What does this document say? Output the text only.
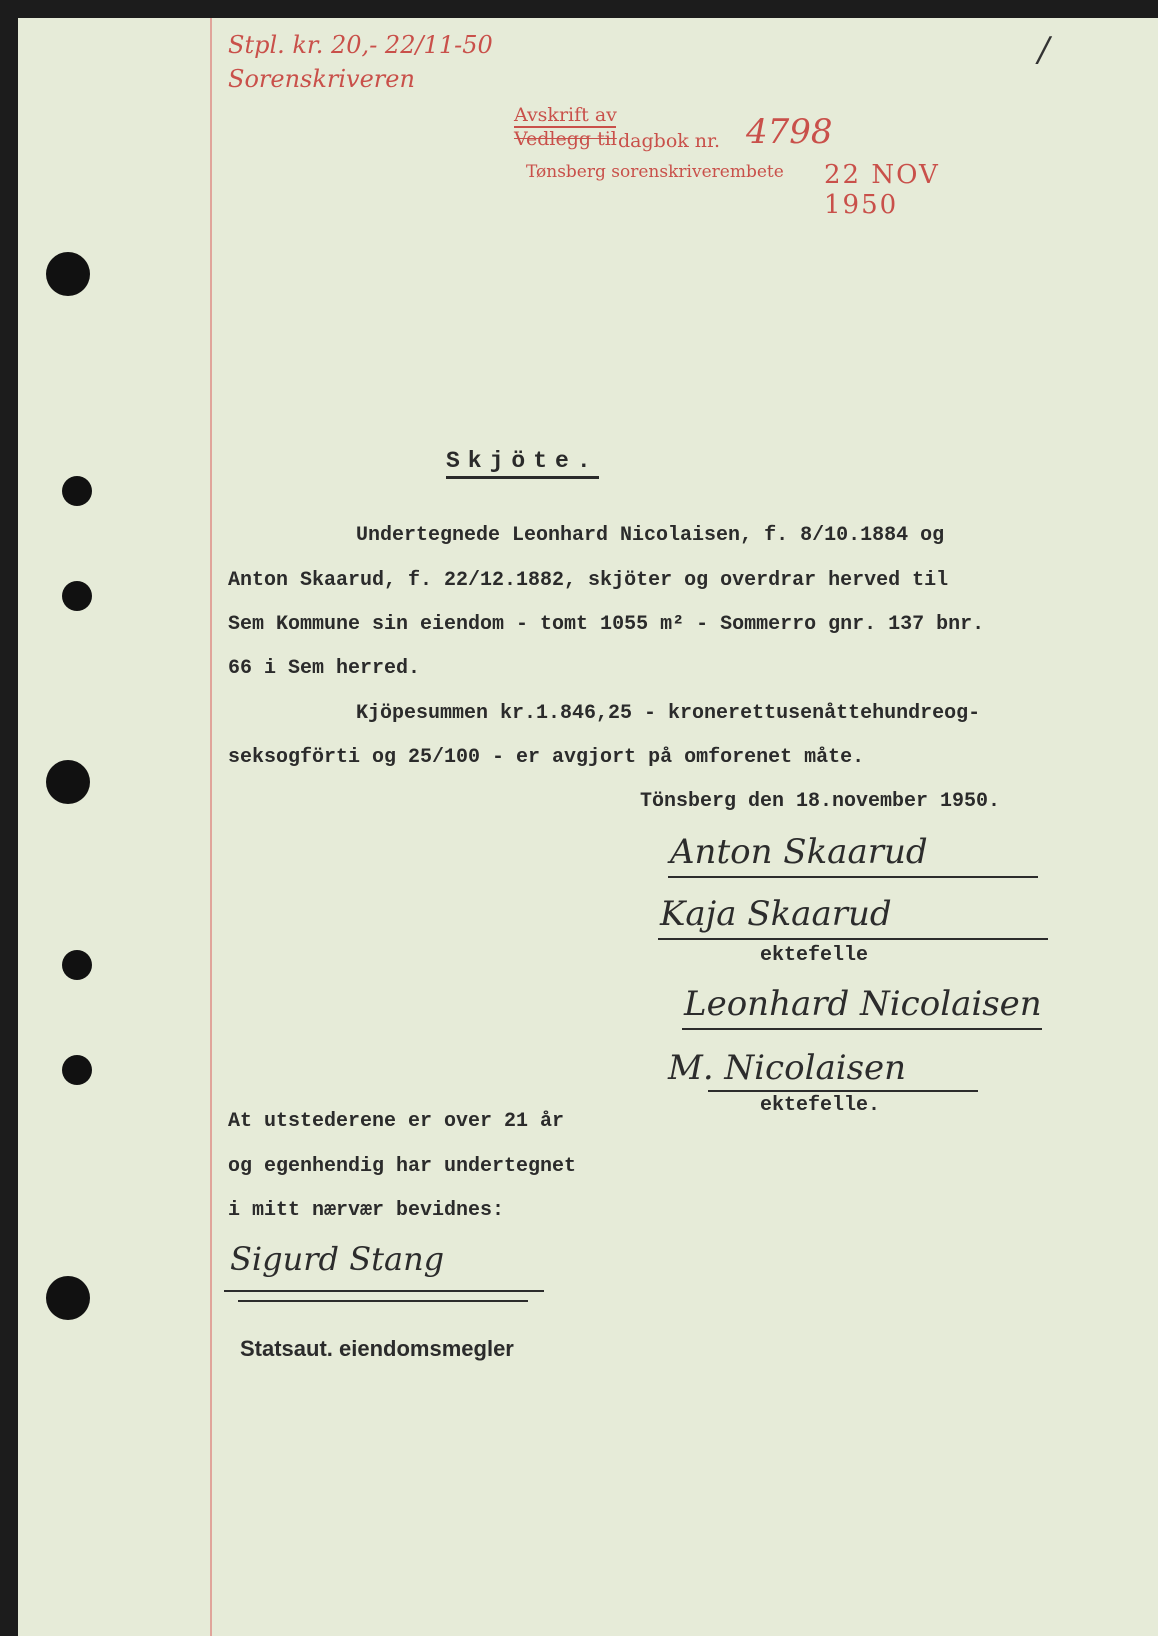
Stpl. kr. 20,- 22/11-50
Sorenskriveren
/
Avskrift av
Vedlegg til dagbok nr. 4798
Tønsberg sorenskriverembete 22 NOV 1950
Skjöte.
Undertegnede Leonhard Nicolaisen, f. 8/10.1884 og
Anton Skaarud, f. 22/12.1882, skjöter og overdrar herved til
Sem Kommune sin eiendom - tomt 1055 m² - Sommerro gnr. 137 bnr.
66 i Sem herred.
Kjöpesummen kr.1.846,25 - kronerettusenåttehundreog-
seksogförti og 25/100 - er avgjort på omforenet måte.
Tönsberg den 18.november 1950.
Anton Skaarud
Kaja Skaarud
ektefelle
Leonhard Nicolaisen
M. Nicolaisen
ektefelle.
At utstederene er over 21 år
og egenhendig har undertegnet
i mitt nærvær bevidnes:
Sigurd Stang
Statsaut. eiendomsmegler
